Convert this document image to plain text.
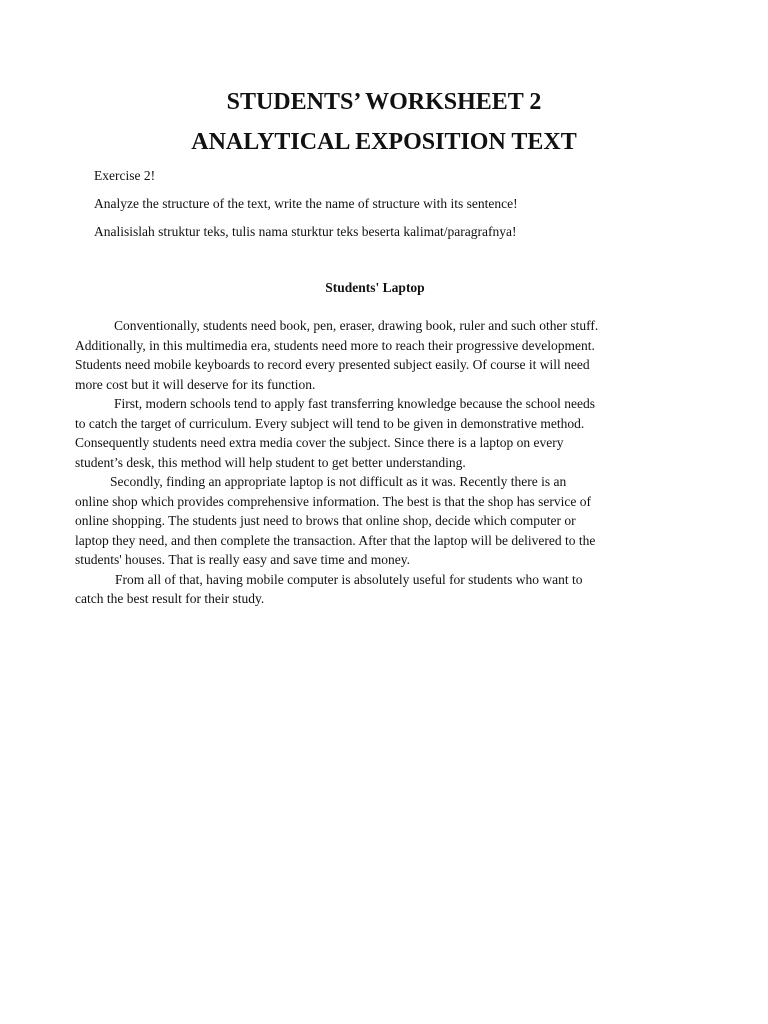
STUDENTS’ WORKSHEET 2
ANALYTICAL EXPOSITION TEXT

Exercise 2!

Analyze the structure of the text, write the name of structure with its sentence!

Analisislah struktur teks, tulis nama sturktur teks beserta kalimat/paragrafnya!

Students' Laptop
Conventionally, students need book, pen, eraser, drawing book, ruler and such other stuff.
Additionally, in this multimedia era, students need more to reach their progressive development.
Students need mobile keyboards to record every presented subject easily. Of course it will need
more cost but it will deserve for its function.
First, modern schools tend to apply fast transferring knowledge because the school needs
to catch the target of curriculum. Every subject will tend to be given in demonstrative method.
Consequently students need extra media cover the subject. Since there is a laptop on every
student’s desk, this method will help student to get better understanding.
Secondly, finding an appropriate laptop is not difficult as it was. Recently there is an
online shop which provides comprehensive information. The best is that the shop has service of
online shopping. The students just need to brows that online shop, decide which computer or
laptop they need, and then complete the transaction. After that the laptop will be delivered to the
students' houses. That is really easy and save time and money.
From all of that, having mobile computer is absolutely useful for students who want to
catch the best result for their study.
